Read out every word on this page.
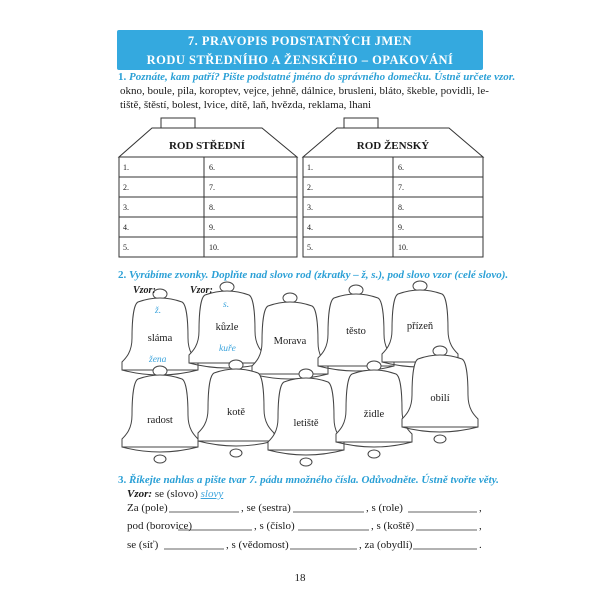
7. PRAVOPIS PODSTATNÝCH JMEN
RODU STŘEDNÍHO A ŽENSKÉHO – OPAKOVÁNÍ
1. Poznáte, kam patří? Pište podstatné jméno do správného domečku. Ústně určete vzor.
okno, boule, pila, koroptev, vejce, jehně, dálnice, brusleni, bláto, škeble, povidli, le-
tiště, štěstí, bolest, lvice, dítě, laň, hvězda, reklama, lhani
ROD STŘEDNÍ	ROD ŽENSKÝ
1.
2.
3.
4.
5.
6.
7.
8.
9.
10.
1.
2.
3.
4.
5.
6.
7.
8.
9.
10.
2. Vyrábíme zvonky. Doplňte nad slovo rod (zkratky – ž, s.), pod slovo vzor (celé slovo).
Vzor:	Vzor:
ž.
žena
s.
kuře
sláma
kůzle
Morava
těsto	přízeň
radost
kotě
letiště
židle
obilí
3. Říkejte nahlas a pište tvar 7. pádu množného čísla. Odůvodněte. Ústně tvořte věty.
Vzor: se (slovo) slovy
Za (pole)	, se (sestra)	, s (role)	,
pod (borovice)	, s (číslo)	, s (koště)	,
se (síť)	, s (vědomost)	, za (obydlí)	.
18
